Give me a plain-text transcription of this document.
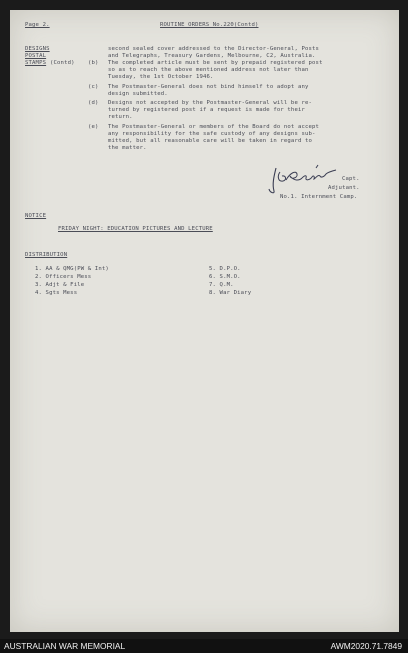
Page 2.	ROUTINE ORDERS No.220(Contd)
DESIGNS
POSTAL
STAMPS (Contd)
second sealed cover addressed to the Director-General, Posts
and Telegraphs, Treasury Gardens, Melbourne, C2, Australia.
(b) The completed article must be sent by prepaid registered post
so as to reach the above mentioned address not later than
Tuesday, the 1st October 1946.
(c) The Postmaster-General does not bind himself to adopt any
design submitted.
(d) Designs not accepted by the Postmaster-General will be re-
turned by registered post if a request is made for their
return.
(e) The Postmaster-General or members of the Board do not accept
any responsibility for the safe custody of any designs sub-
mitted, but all reasonable care will be taken in regard to
the matter.
Capt.
Adjutant.
No.1. Internment Camp.
NOTICE
FRIDAY NIGHT: EDUCATION PICTURES AND LECTURE
DISTRIBUTION
1. AA & QMG(PW & Int)
2. Officers Mess
3. Adjt & File
4. Sgts Mess
5. D.P.O.
6. S.M.O.
7. Q.M.
8. War Diary
AUSTRALIAN WAR MEMORIAL	AWM2020.71.7849
